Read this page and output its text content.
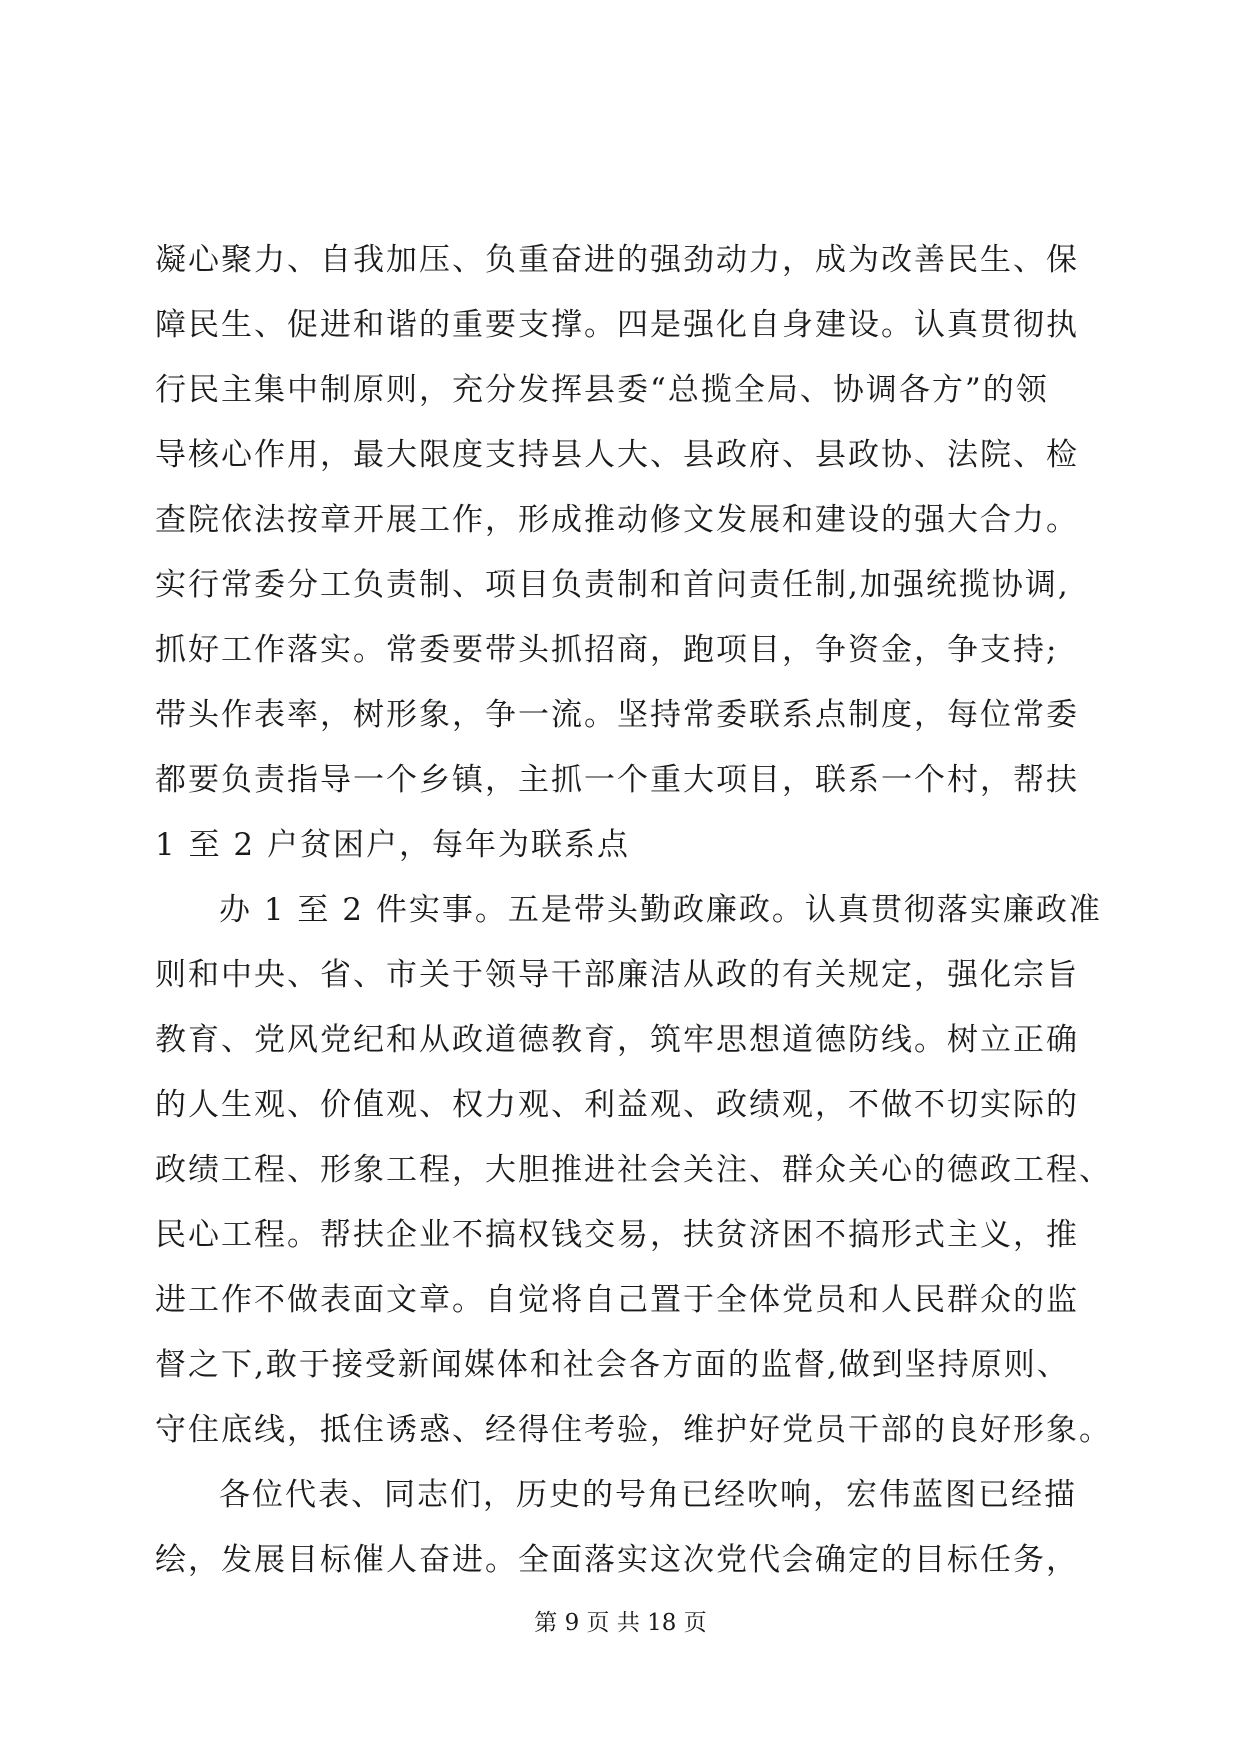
凝心聚力、自我加压、负重奋进的强劲动力，成为改善民生、保
障民生、促进和谐的重要支撑。四是强化自身建设。认真贯彻执
行民主集中制原则，充分发挥县委“总揽全局、协调各方”的领
导核心作用，最大限度支持县人大、县政府、县政协、法院、检
查院依法按章开展工作，形成推动修文发展和建设的强大合力。
实行常委分工负责制、项目负责制和首问责任制,加强统揽协调,
抓好工作落实。常委要带头抓招商，跑项目，争资金，争支持;
带头作表率，树形象，争一流。坚持常委联系点制度，每位常委
都要负责指导一个乡镇，主抓一个重大项目，联系一个村，帮扶
1 至 2 户贫困户，每年为联系点
办 1 至 2 件实事。五是带头勤政廉政。认真贯彻落实廉政准
则和中央、省、市关于领导干部廉洁从政的有关规定，强化宗旨
教育、党风党纪和从政道德教育，筑牢思想道德防线。树立正确
的人生观、价值观、权力观、利益观、政绩观，不做不切实际的
政绩工程、形象工程，大胆推进社会关注、群众关心的德政工程、
民心工程。帮扶企业不搞权钱交易，扶贫济困不搞形式主义，推
进工作不做表面文章。自觉将自己置于全体党员和人民群众的监
督之下,敢于接受新闻媒体和社会各方面的监督,做到坚持原则、
守住底线，抵住诱惑、经得住考验，维护好党员干部的良好形象。
各位代表、同志们，历史的号角已经吹响，宏伟蓝图已经描
绘，发展目标催人奋进。全面落实这次党代会确定的目标任务，
第 9 页 共 18 页
